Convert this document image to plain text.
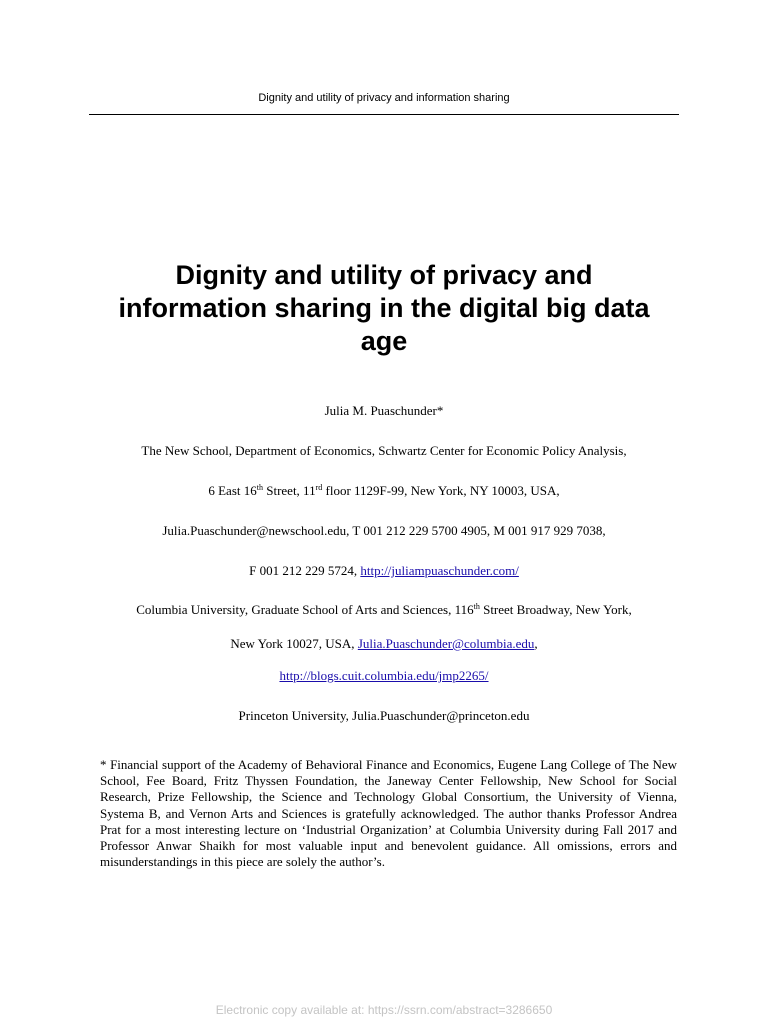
Dignity and utility of privacy and information sharing
Dignity and utility of privacy and information sharing in the digital big data age
Julia M. Puaschunder*
The New School, Department of Economics, Schwartz Center for Economic Policy Analysis,
6 East 16th Street, 11rd floor 1129F-99, New York, NY 10003, USA,
Julia.Puaschunder@newschool.edu, T 001 212 229 5700 4905, M 001 917 929 7038,
F 001 212 229 5724, http://juliampuaschunder.com/
Columbia University, Graduate School of Arts and Sciences, 116th Street Broadway, New York,
New York 10027, USA, Julia.Puaschunder@columbia.edu,
http://blogs.cuit.columbia.edu/jmp2265/
Princeton University, Julia.Puaschunder@princeton.edu

* Financial support of the Academy of Behavioral Finance and Economics, Eugene Lang College of The New School, Fee Board, Fritz Thyssen Foundation, the Janeway Center Fellowship, New School for Social Research, Prize Fellowship, the Science and Technology Global Consortium, the University of Vienna, Systema B, and Vernon Arts and Sciences is gratefully acknowledged. The author thanks Professor Andrea Prat for a most interesting lecture on ‘Industrial Organization’ at Columbia University during Fall 2017 and Professor Anwar Shaikh for most valuable input and benevolent guidance. All omissions, errors and misunderstandings in this piece are solely the author’s.

Electronic copy available at: https://ssrn.com/abstract=3286650
